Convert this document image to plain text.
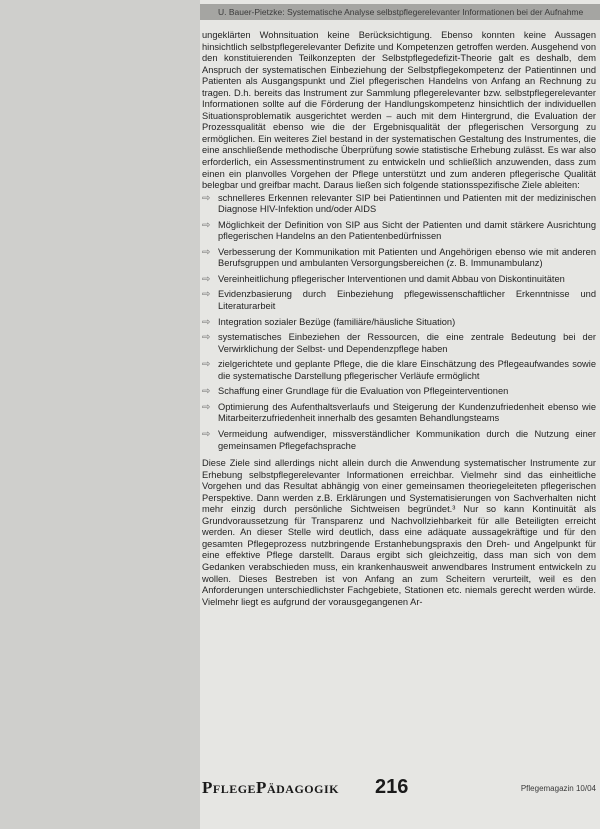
U. Bauer-Pietzke: Systematische Analyse selbstpflegerelevanter Informationen bei der Aufnahme

ungeklärten Wohnsituation keine Berücksichtigung. Ebenso konnten keine Aussagen hinsichtlich selbstpflegerelevanter Defizite und Kompetenzen getroffen werden. Ausgehend von den konstituierenden Teilkonzepten der Selbstpflegedefizit-Theorie galt es deshalb, dem Anspruch der systematischen Einbeziehung der Selbstpflegekompetenz der Patientinnen und Patienten als Ausgangspunkt und Ziel pflegerischen Handelns von Anfang an Rechnung zu tragen. D.h. bereits das Instrument zur Sammlung pflegerelevanter bzw. selbstpflegerelevanter Informationen sollte auf die Förderung der Handlungskompetenz hinsichtlich der individuellen Situationsproblematik ausgerichtet werden – auch mit dem Hintergrund, die Evaluation der Prozessqualität ebenso wie die der Ergebnisqualität der pflegerischen Versorgung zu ermöglichen. Ein weiteres Ziel bestand in der systematischen Gestaltung des Instrumentes, die eine anschließende methodische Überprüfung sowie statistische Erhebung zulässt. Es war also erforderlich, ein Assessmentinstrument zu entwickeln und schließlich anzuwenden, dass zum einen ein planvolles Vorgehen der Pflege unterstützt und zum anderen pflegerische Qualität belegbar und greifbar macht. Daraus ließen sich folgende stationsspezifische Ziele ableiten:

⇨ schnelleres Erkennen relevanter SIP bei Patientinnen und Patienten mit der medizinischen Diagnose HIV-Infektion und/oder AIDS
⇨ Möglichkeit der Definition von SIP aus Sicht der Patienten und damit stärkere Ausrichtung pflegerischen Handelns an den Patientenbedürfnissen
⇨ Verbesserung der Kommunikation mit Patienten und Angehörigen ebenso wie mit anderen Berufsgruppen und ambulanten Versorgungsbereichen (z. B. Immunambulanz)
⇨ Vereinheitlichung pflegerischer Interventionen und damit Abbau von Diskontinuitäten
⇨ Evidenzbasierung durch Einbeziehung pflegewissenschaftlicher Erkenntnisse und Literaturarbeit
⇨ Integration sozialer Bezüge (familiäre/häusliche Situation)
⇨ systematisches Einbeziehen der Ressourcen, die eine zentrale Bedeutung bei der Verwirklichung der Selbst- und Dependenzpflege haben
⇨ zielgerichtete und geplante Pflege, die die klare Einschätzung des Pflegeaufwandes sowie die systematische Darstellung pflegerischer Verläufe ermöglicht
⇨ Schaffung einer Grundlage für die Evaluation von Pflegeinterventionen
⇨ Optimierung des Aufenthaltsverlaufs und Steigerung der Kundenzufriedenheit ebenso wie Mitarbeiterzufriedenheit innerhalb des gesamten Behandlungsteams
⇨ Vermeidung aufwendiger, missverständlicher Kommunikation durch die Nutzung einer gemeinsamen Pflegefachsprache

Diese Ziele sind allerdings nicht allein durch die Anwendung systematischer Instrumente zur Erhebung selbstpflegerelevanter Informationen erreichbar. Vielmehr sind das einheitliche Vorgehen und das Resultat abhängig von einer gemeinsamen theoriegeleiteten pflegerischen Perspektive. Dann werden z.B. Erklärungen und Systematisierungen von Sachverhalten nicht mehr einzig durch persönliche Sichtweisen begründet.³ Nur so kann Kontinuität als Grundvoraussetzung für Transparenz und Nachvollziehbarkeit für alle Beteiligten erreicht werden. An dieser Stelle wird deutlich, dass eine adäquate aussagekräftige und für den gesamten Pflegeprozess nutzbringende Erstanhebungspraxis den Dreh- und Angelpunkt für eine effektive Pflege darstellt. Daraus ergibt sich gleichzeitig, dass man sich von dem Gedanken verabschieden muss, ein krankenhausweit anwendbares Instrument entwickeln zu wollen. Dieses Bestreben ist von Anfang an zum Scheitern verurteilt, weil es den Anforderungen unterschiedlichster Fachgebiete, Stationen etc. niemals gerecht werden würde. Vielmehr liegt es aufgrund der vorausgegangenen Ar-

PflegePädagogik 216	Pflegemagazin 10/04
